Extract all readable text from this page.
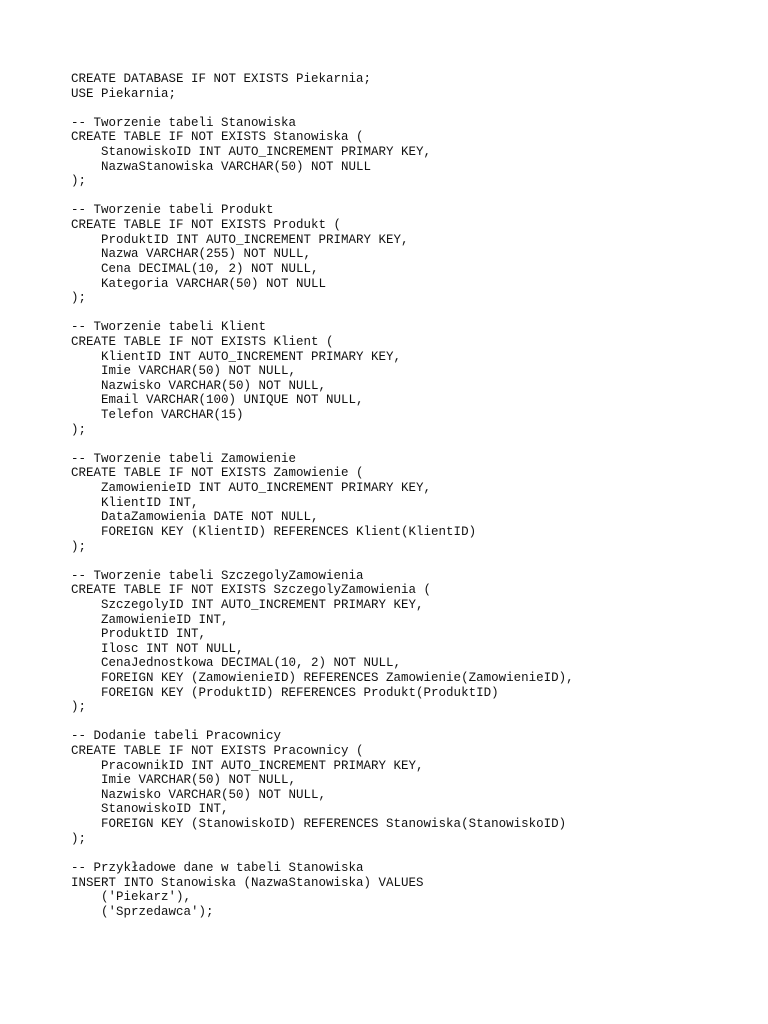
CREATE DATABASE IF NOT EXISTS Piekarnia;
USE Piekarnia;
-- Tworzenie tabeli Stanowiska
CREATE TABLE IF NOT EXISTS Stanowiska (
StanowiskoID INT AUTO_INCREMENT PRIMARY KEY,
NazwaStanowiska VARCHAR(50) NOT NULL
);
-- Tworzenie tabeli Produkt
CREATE TABLE IF NOT EXISTS Produkt (
ProduktID INT AUTO_INCREMENT PRIMARY KEY,
Nazwa VARCHAR(255) NOT NULL,
Cena DECIMAL(10, 2) NOT NULL,
Kategoria VARCHAR(50) NOT NULL
);
-- Tworzenie tabeli Klient
CREATE TABLE IF NOT EXISTS Klient (
KlientID INT AUTO_INCREMENT PRIMARY KEY,
Imie VARCHAR(50) NOT NULL,
Nazwisko VARCHAR(50) NOT NULL,
Email VARCHAR(100) UNIQUE NOT NULL,
Telefon VARCHAR(15)
);
-- Tworzenie tabeli Zamowienie
CREATE TABLE IF NOT EXISTS Zamowienie (
ZamowienieID INT AUTO_INCREMENT PRIMARY KEY,
KlientID INT,
DataZamowienia DATE NOT NULL,
FOREIGN KEY (KlientID) REFERENCES Klient(KlientID)
);
-- Tworzenie tabeli SzczegolyZamowienia
CREATE TABLE IF NOT EXISTS SzczegolyZamowienia (
SzczegolyID INT AUTO_INCREMENT PRIMARY KEY,
ZamowienieID INT,
ProduktID INT,
Ilosc INT NOT NULL,
CenaJednostkowa DECIMAL(10, 2) NOT NULL,
FOREIGN KEY (ZamowienieID) REFERENCES Zamowienie(ZamowienieID),
FOREIGN KEY (ProduktID) REFERENCES Produkt(ProduktID)
);
-- Dodanie tabeli Pracownicy
CREATE TABLE IF NOT EXISTS Pracownicy (
PracownikID INT AUTO_INCREMENT PRIMARY KEY,
Imie VARCHAR(50) NOT NULL,
Nazwisko VARCHAR(50) NOT NULL,
StanowiskoID INT,
FOREIGN KEY (StanowiskoID) REFERENCES Stanowiska(StanowiskoID)
);
-- Przykładowe dane w tabeli Stanowiska
INSERT INTO Stanowiska (NazwaStanowiska) VALUES
('Piekarz'),
('Sprzedawca');
